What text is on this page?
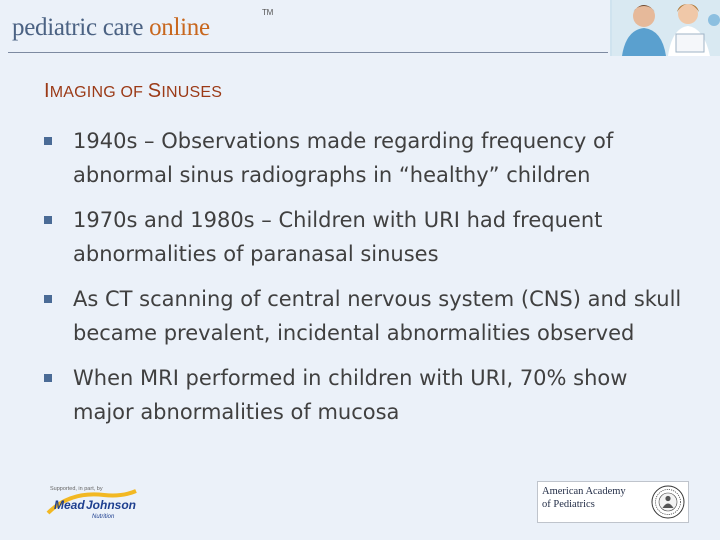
pediatric care online
TM
IMAGING OF SINUSES
1940s – Observations made regarding frequency of abnormal sinus radiographs in “healthy” children
1970s and 1980s – Children with URI had frequent abnormalities of paranasal sinuses
As CT scanning of central nervous system (CNS) and skull became prevalent, incidental abnormalities observed
When MRI performed in children with URI, 70% show major abnormalities of mucosa
Supported, in part, by
Mead Johnson
Nutrition
American Academy
of Pediatrics
